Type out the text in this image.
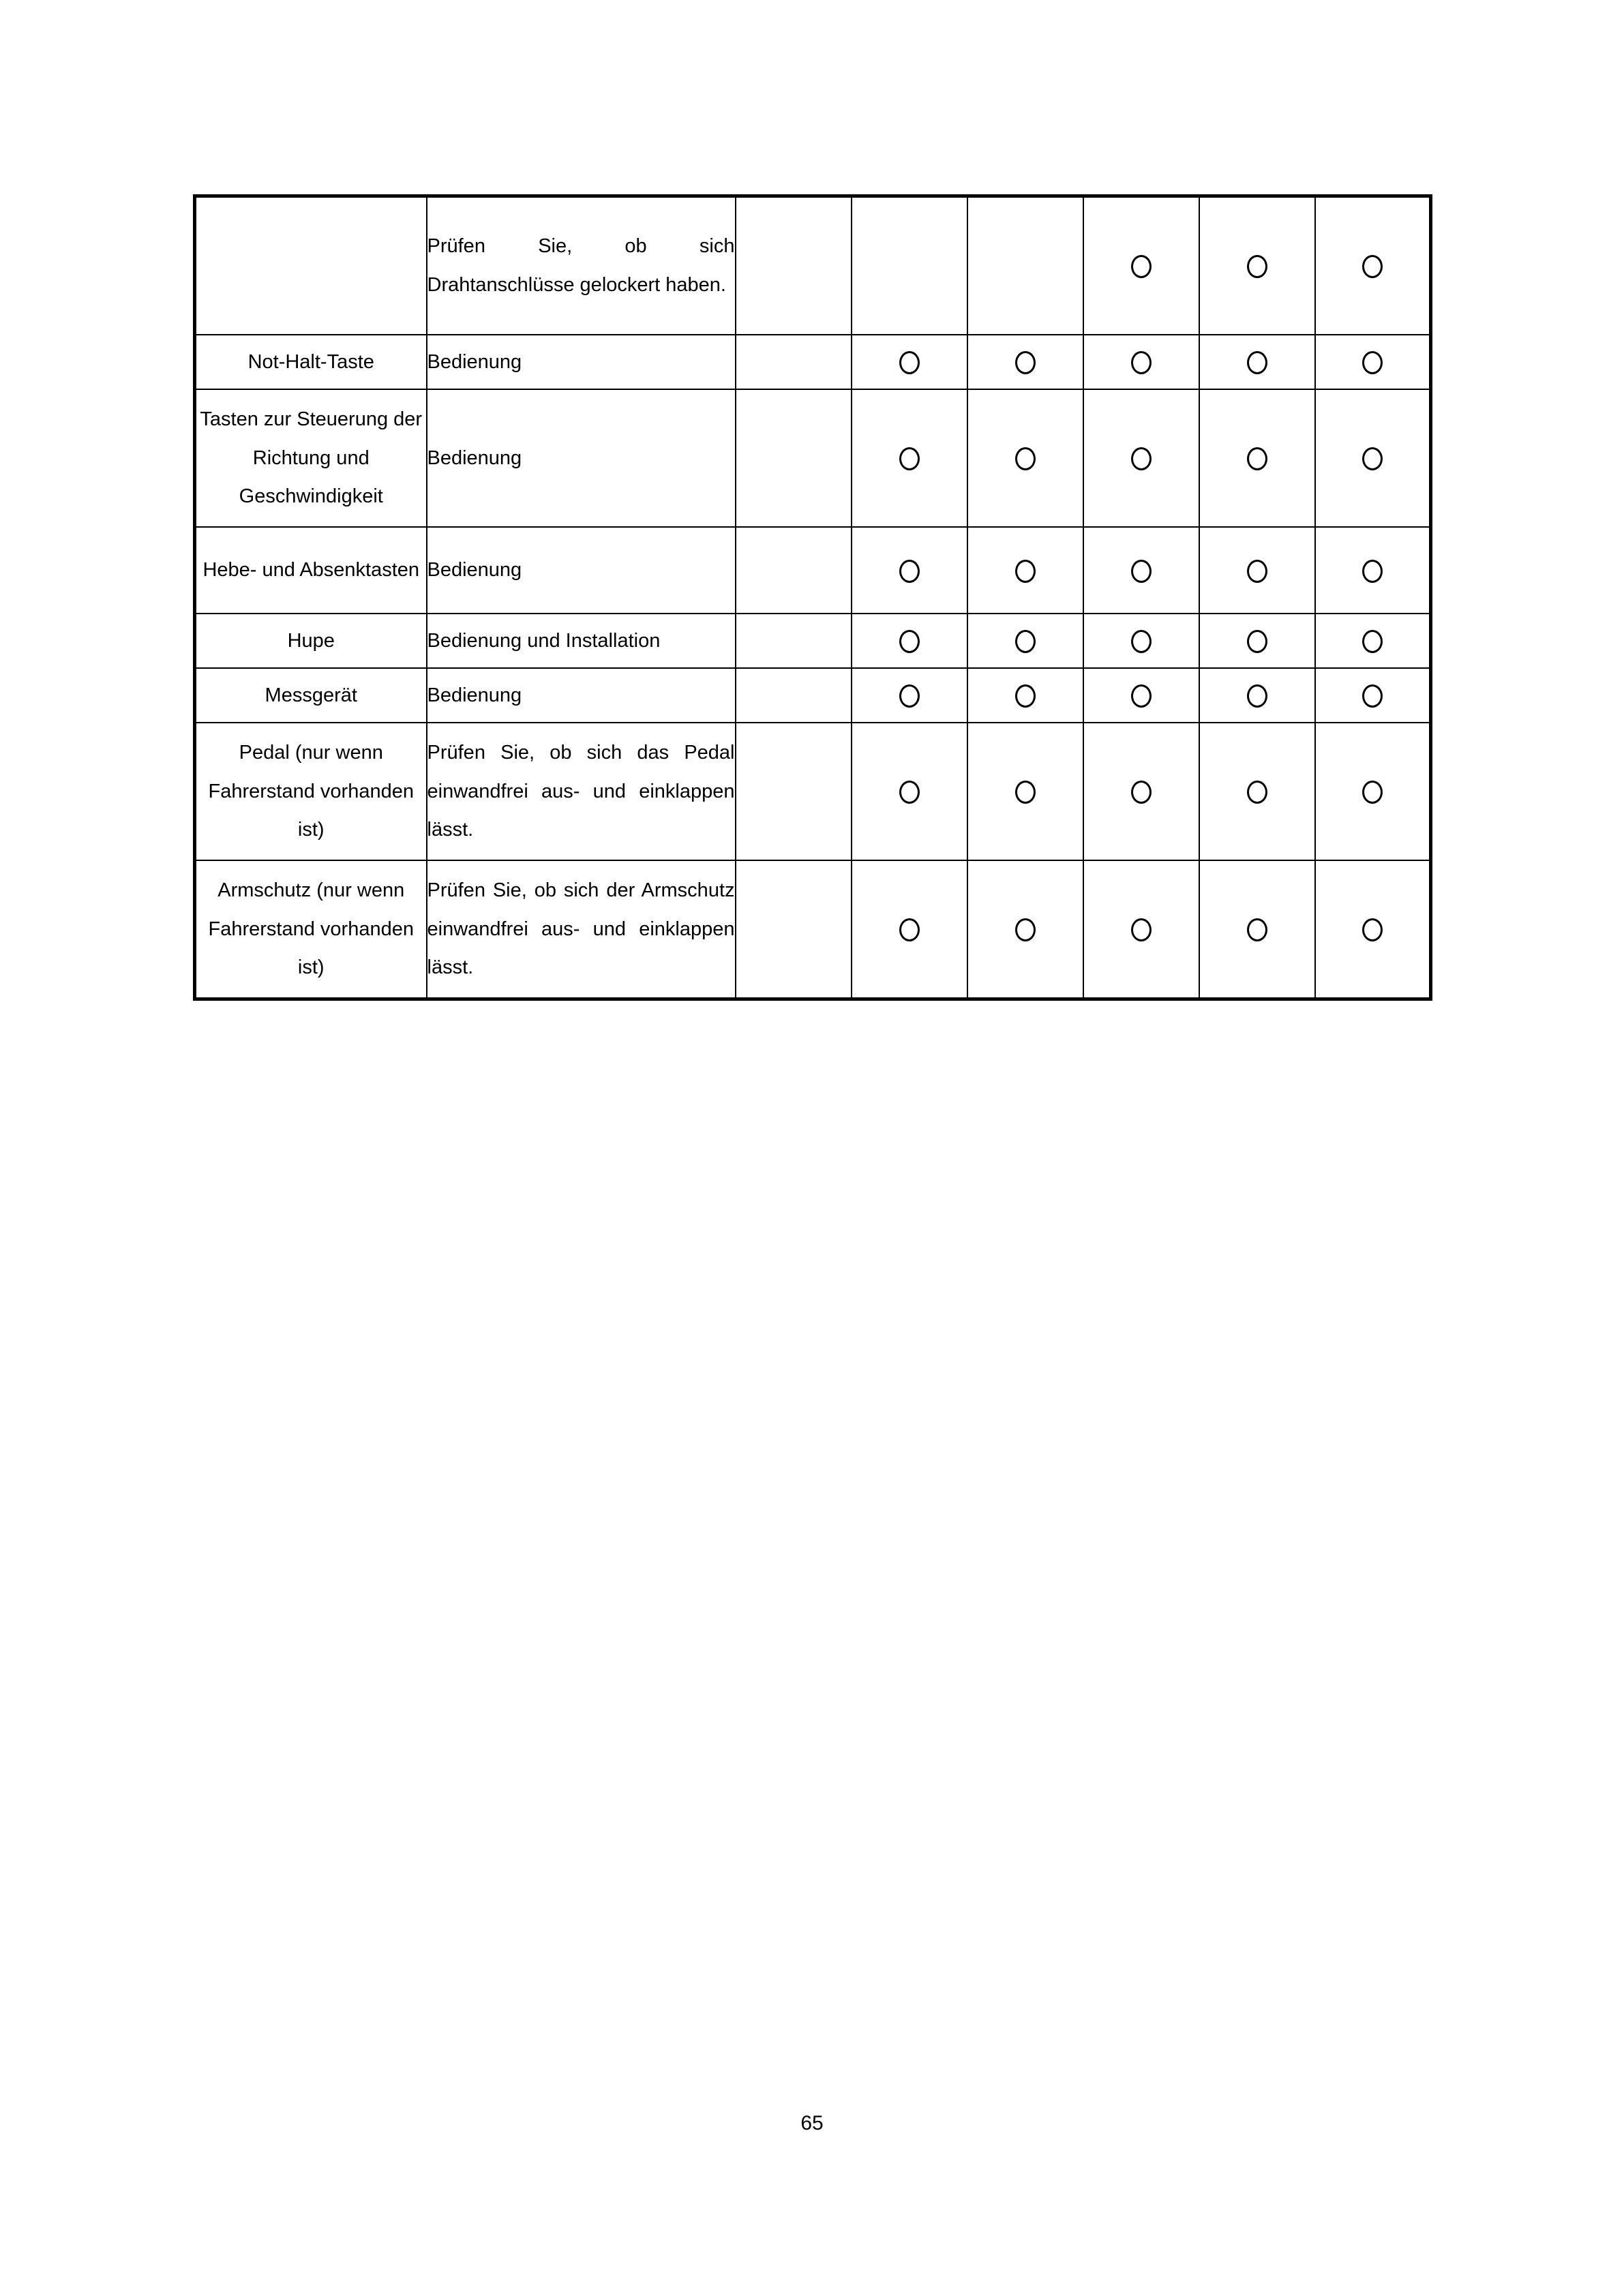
	Prüfen Sie, ob sich Drahtanschlüsse gelockert haben.						
Not-Halt-Taste	Bedienung						
Tasten zur Steuerung der Richtung und Geschwindigkeit	Bedienung						
Hebe- und Absenktasten	Bedienung						
Hupe	Bedienung und Installation						
Messgerät	Bedienung						
Pedal (nur wenn Fahrerstand vorhanden ist)	Prüfen Sie, ob sich das Pedal einwandfrei aus- und einklappen lässt.						
Armschutz (nur wenn Fahrerstand vorhanden ist)	Prüfen Sie, ob sich der Armschutz einwandfrei aus- und einklappen lässt.						
65
